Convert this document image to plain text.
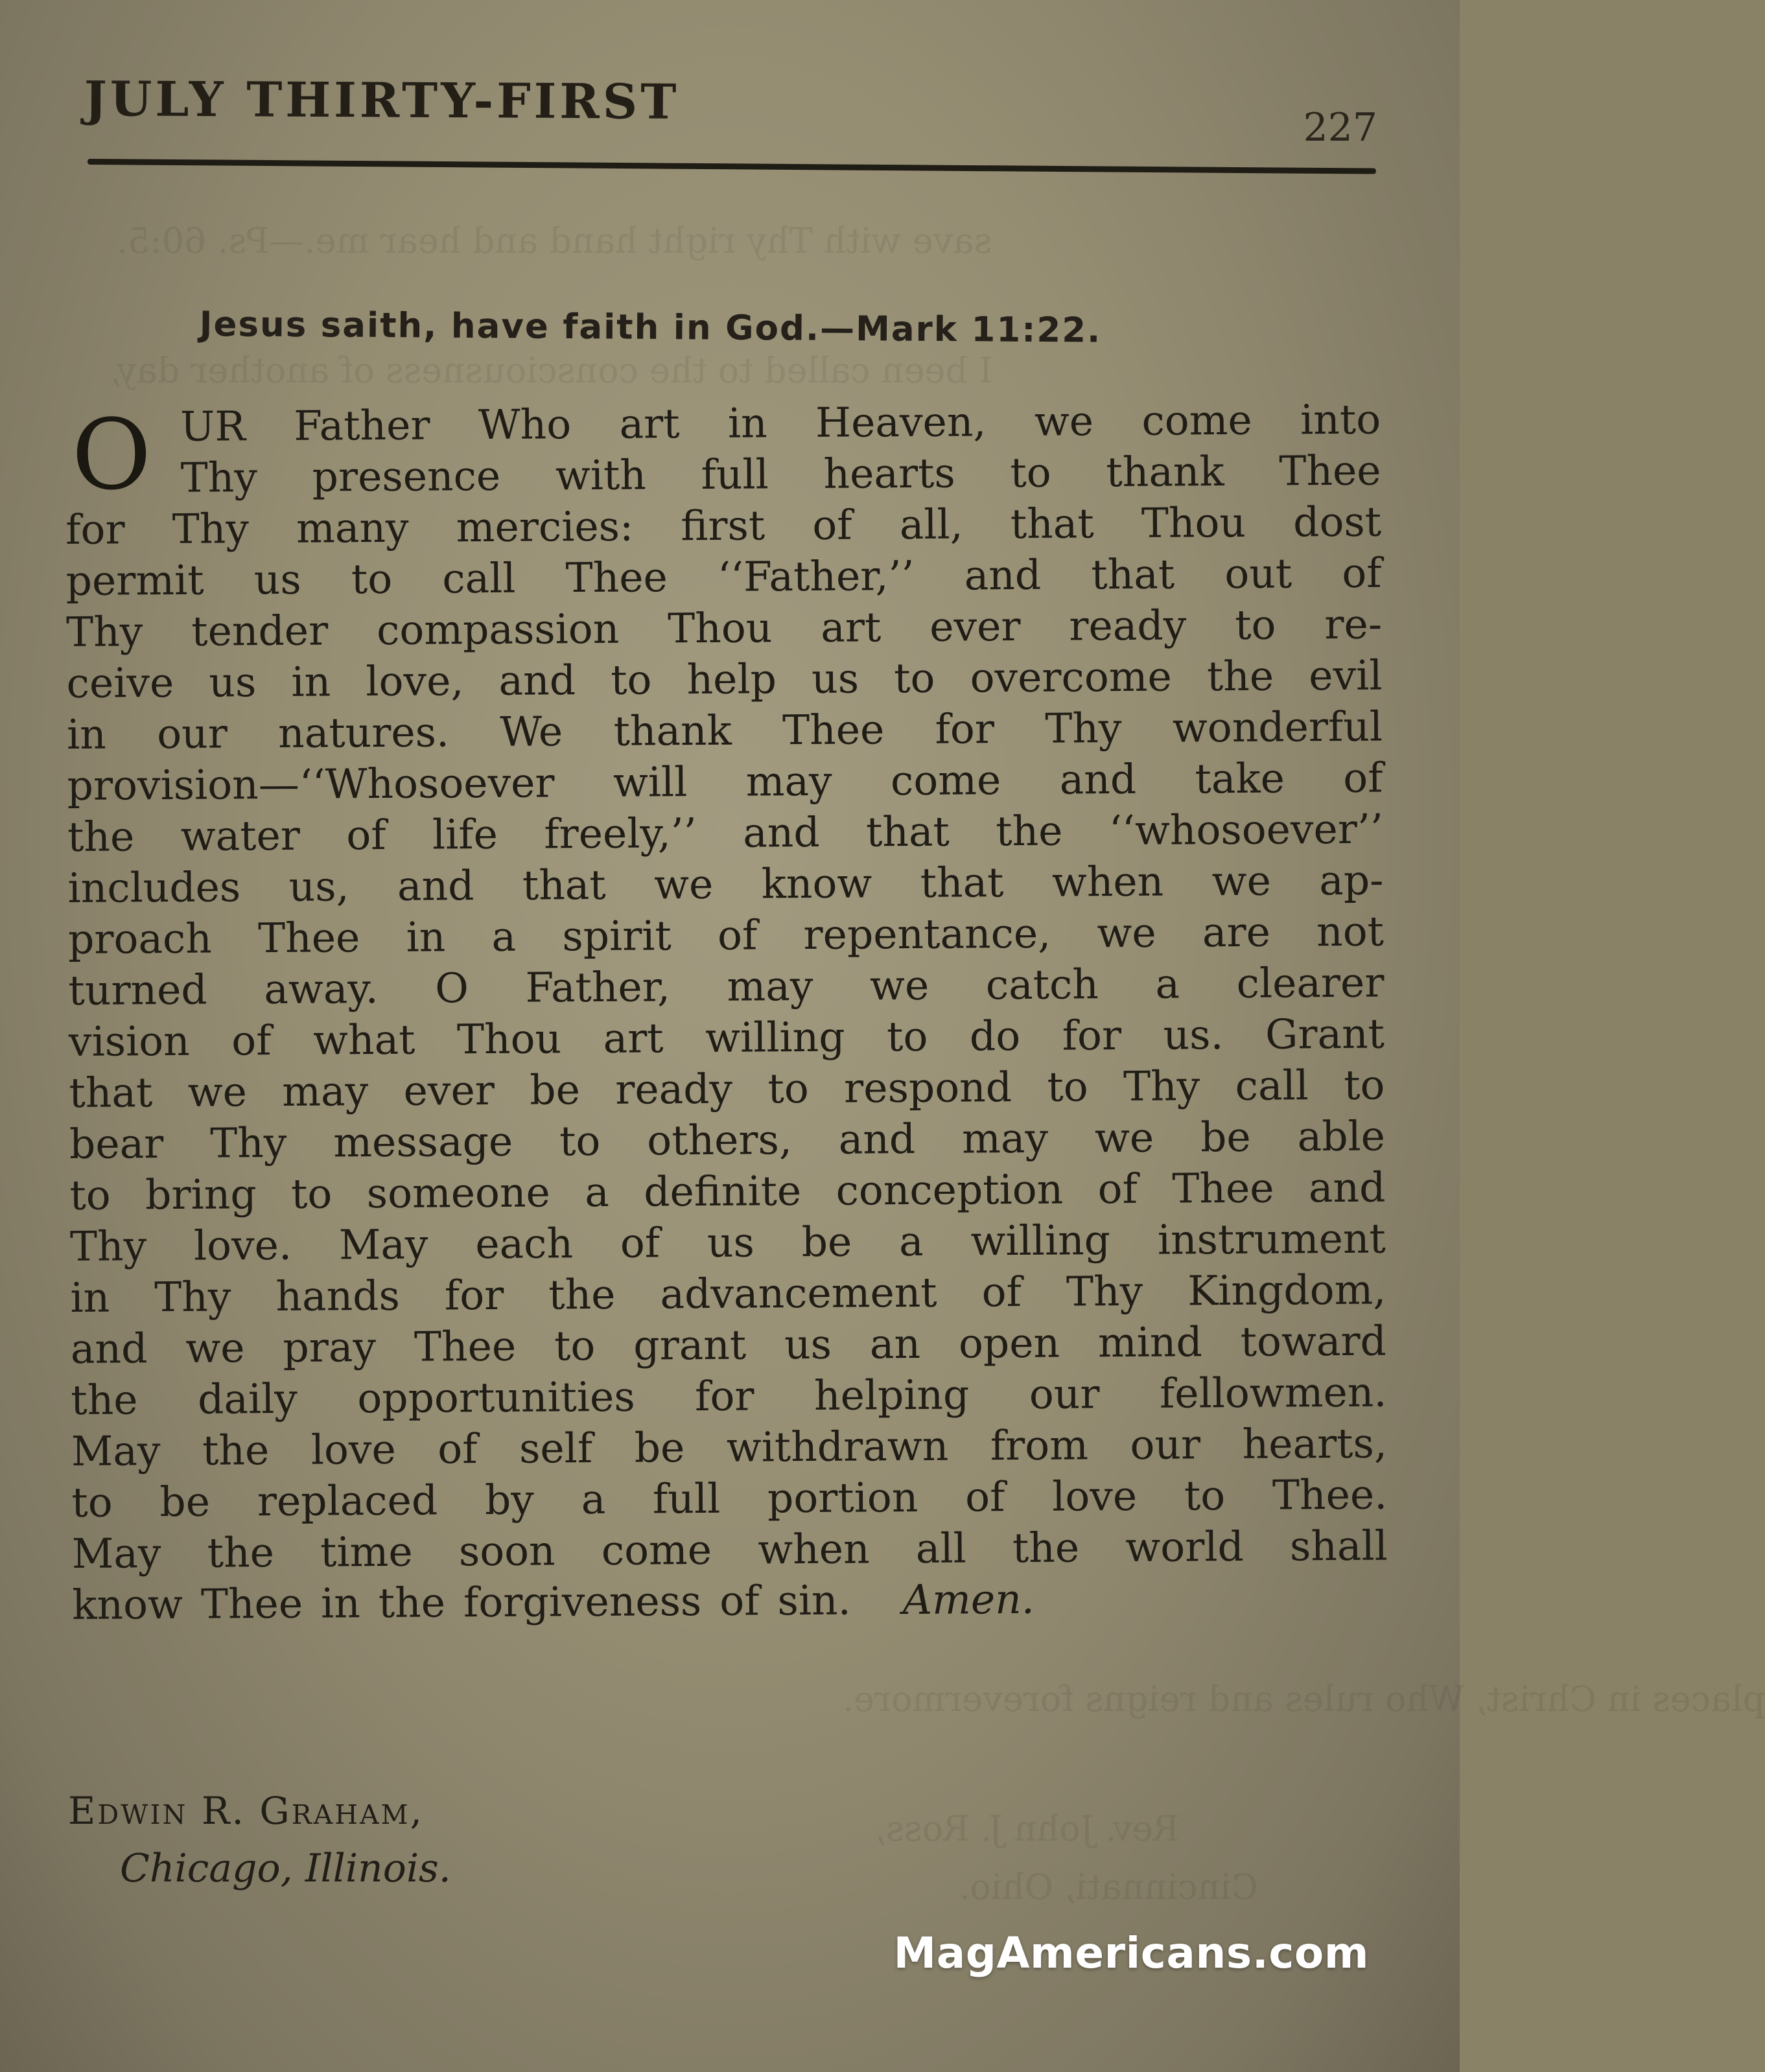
save with Thy right hand and hear me.—Ps. 60:5.
I been called to the consciousness of another day,
places in Christ, Who rules and reigns forevermore.
Rev. John J. Ross,
Cincinnati, Ohio.
JULY THIRTY-FIRST	227
Jesus saith, have faith in God.—Mark 11:22.
O UR Father Who art in Heaven, we come into
Thy presence with full hearts to thank Thee
for Thy many mercies: first of all, that Thou dost
permit us to call Thee ‘‘Father,’’ and that out of
Thy tender compassion Thou art ever ready to re-
ceive us in love, and to help us to overcome the evil
in our natures. We thank Thee for Thy wonderful
provision—‘‘Whosoever will may come and take of
the water of life freely,’’ and that the ‘‘whosoever’’
includes us, and that we know that when we ap-
proach Thee in a spirit of repentance, we are not
turned away. O Father, may we catch a clearer
vision of what Thou art willing to do for us. Grant
that we may ever be ready to respond to Thy call to
bear Thy message to others, and may we be able
to bring to someone a definite conception of Thee and
Thy love. May each of us be a willing instrument
in Thy hands for the advancement of Thy Kingdom,
and we pray Thee to grant us an open mind toward
the daily opportunities for helping our fellowmen.
May the love of self be withdrawn from our hearts,
to be replaced by a full portion of love to Thee.
May the time soon come when all the world shall
know Thee in the forgiveness of sin. Amen.
Edwin R. Graham,
Chicago, Illinois.
MagAmericans.com
